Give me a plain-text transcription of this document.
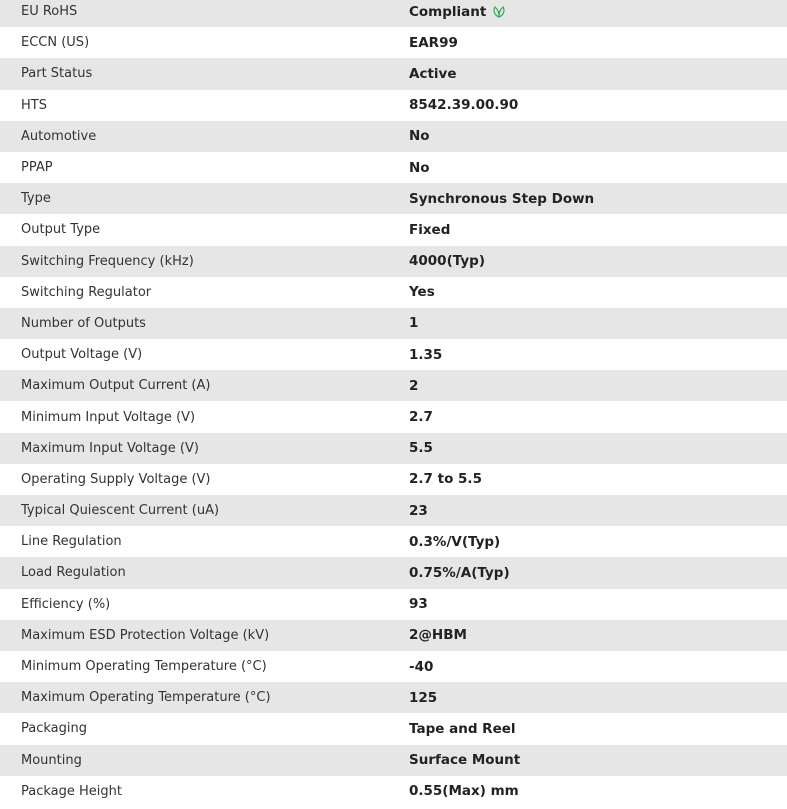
EU RoHS	Compliant
ECCN (US)	EAR99
Part Status	Active
HTS	8542.39.00.90
Automotive	No
PPAP	No
Type	Synchronous Step Down
Output Type	Fixed
Switching Frequency (kHz)	4000(Typ)
Switching Regulator	Yes
Number of Outputs	1
Output Voltage (V)	1.35
Maximum Output Current (A)	2
Minimum Input Voltage (V)	2.7
Maximum Input Voltage (V)	5.5
Operating Supply Voltage (V)	2.7 to 5.5
Typical Quiescent Current (uA)	23
Line Regulation	0.3%/V(Typ)
Load Regulation	0.75%/A(Typ)
Efficiency (%)	93
Maximum ESD Protection Voltage (kV)	2@HBM
Minimum Operating Temperature (°C)	-40
Maximum Operating Temperature (°C)	125
Packaging	Tape and Reel
Mounting	Surface Mount
Package Height	0.55(Max) mm
